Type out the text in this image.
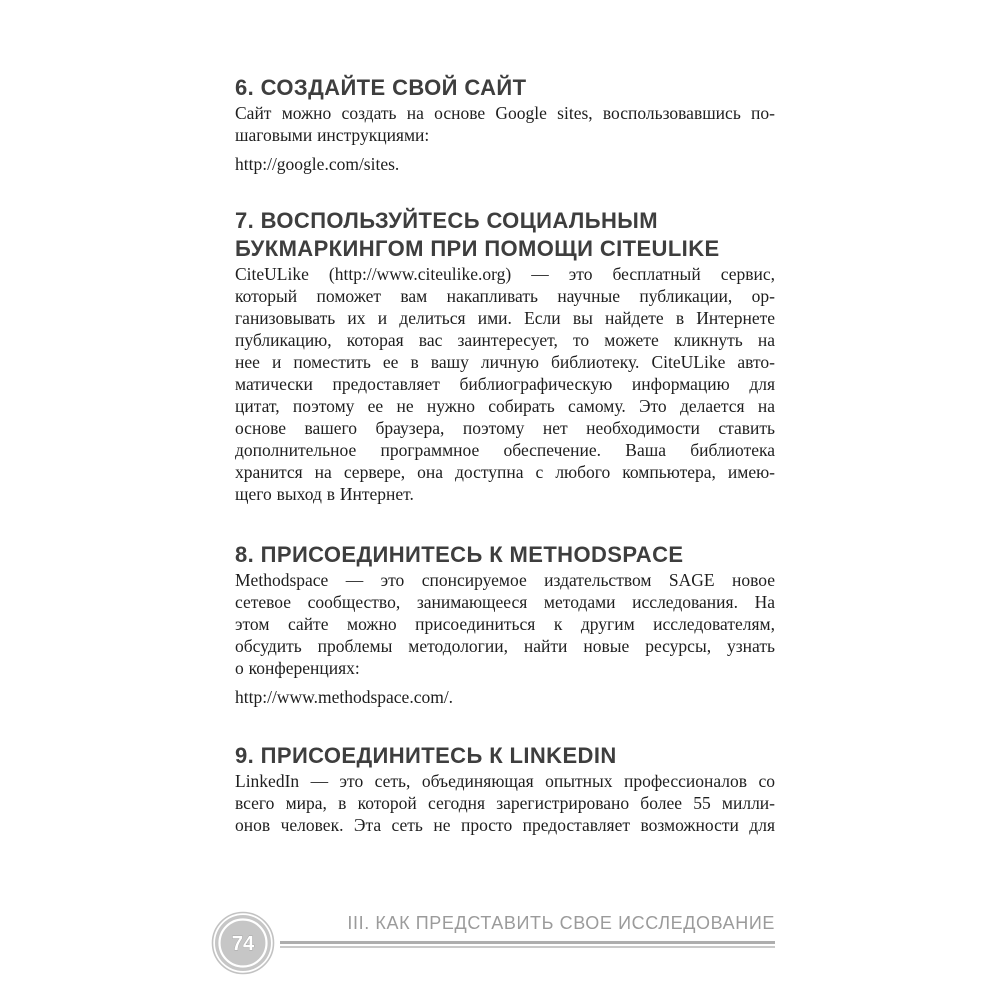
6. СОЗДАЙТЕ СВОЙ САЙТ
Сайт можно создать на основе Google sites, воспользовавшись по-
шаговыми инструкциями:
http://google.com/sites.
7. ВОСПОЛЬЗУЙТЕСЬ СОЦИАЛЬНЫМ
БУКМАРКИНГОМ ПРИ ПОМОЩИ CITEULIKE
CiteULike (http://www.citeulike.org) — это бесплатный сервис,
который поможет вам накапливать научные публикации, ор-
ганизовывать их и делиться ими. Если вы найдете в Интернете
публикацию, которая вас заинтересует, то можете кликнуть на
нее и поместить ее в вашу личную библиотеку. CiteULike авто-
матически предоставляет библиографическую информацию для
цитат, поэтому ее не нужно собирать самому. Это делается на
основе вашего браузера, поэтому нет необходимости ставить
дополнительное программное обеспечение. Ваша библиотека
хранится на сервере, она доступна с любого компьютера, имею-
щего выход в Интернет.
8. ПРИСОЕДИНИТЕСЬ К METHODSPACE
Methodspace — это спонсируемое издательством SAGE новое
сетевое сообщество, занимающееся методами исследования. На
этом сайте можно присоединиться к другим исследователям,
обсудить проблемы методологии, найти новые ресурсы, узнать
о конференциях:
http://www.methodspace.com/.
9. ПРИСОЕДИНИТЕСЬ К LINKEDIN
LinkedIn — это сеть, объединяющая опытных профессионалов со
всего мира, в которой сегодня зарегистрировано более 55 милли-
онов человек. Эта сеть не просто предоставляет возможности для
III. КАК ПРЕДСТАВИТЬ СВОЕ ИССЛЕДОВАНИЕ
74
